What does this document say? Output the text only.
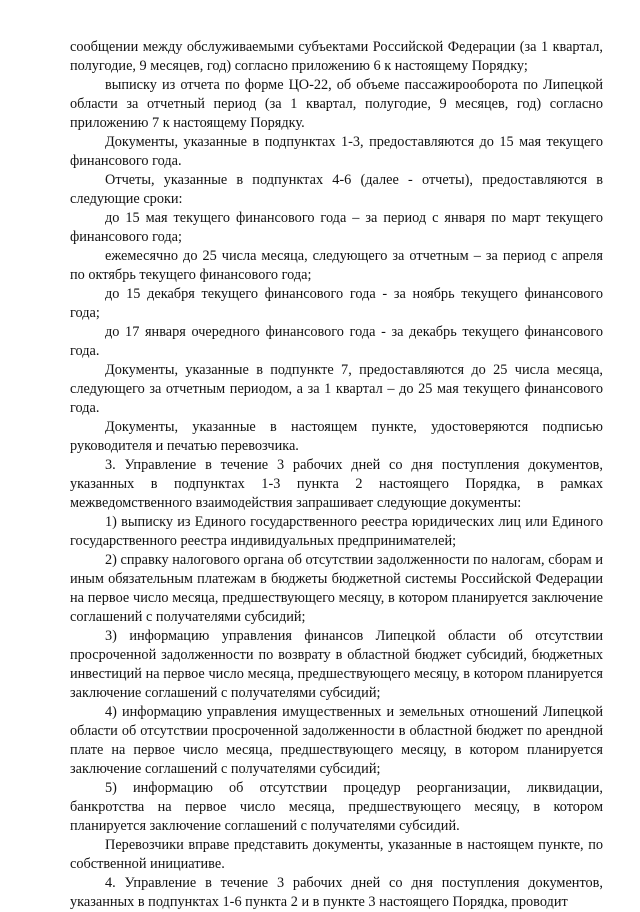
сообщении между обслуживаемыми субъектами Российской Федерации (за 1 квартал, полугодие, 9 месяцев, год) согласно приложению 6 к настоящему Порядку;

выписку из отчета по форме ЦО-22, об объеме пассажирооборота по Липецкой области за отчетный период (за 1 квартал, полугодие, 9 месяцев, год) согласно приложению 7 к настоящему Порядку.

Документы, указанные в подпунктах 1-3, предоставляются до 15 мая текущего финансового года.

Отчеты, указанные в подпунктах 4-6 (далее - отчеты), предоставляются в следующие сроки:

до 15 мая текущего финансового года – за период с января по март текущего финансового года;

ежемесячно до 25 числа месяца, следующего за отчетным – за период с апреля по октябрь текущего финансового года;

до 15 декабря текущего финансового года - за ноябрь текущего финансового года;

до 17 января очередного финансового года - за декабрь текущего финансового года.

Документы, указанные в подпункте 7, предоставляются до 25 числа месяца, следующего за отчетным периодом, а за 1 квартал – до 25 мая текущего финансового года.

Документы, указанные в настоящем пункте, удостоверяются подписью руководителя и печатью перевозчика.

3. Управление в течение 3 рабочих дней со дня поступления документов, указанных в подпунктах 1-3 пункта 2 настоящего Порядка, в рамках межведомственного взаимодействия запрашивает следующие документы:

1) выписку из Единого государственного реестра юридических лиц или Единого государственного реестра индивидуальных предпринимателей;

2) справку налогового органа об отсутствии задолженности по налогам, сборам и иным обязательным платежам в бюджеты бюджетной системы Российской Федерации на первое число месяца, предшествующего месяцу, в котором планируется заключение соглашений с получателями субсидий;

3) информацию управления финансов Липецкой области об отсутствии просроченной задолженности по возврату в областной бюджет субсидий, бюджетных инвестиций на первое число месяца, предшествующего месяцу, в котором планируется заключение соглашений с получателями субсидий;

4) информацию управления имущественных и земельных отношений Липецкой области об отсутствии просроченной задолженности в областной бюджет по арендной плате на первое число месяца, предшествующего месяцу, в котором планируется заключение соглашений с получателями субсидий;

5) информацию об отсутствии процедур реорганизации, ликвидации, банкротства на первое число месяца, предшествующего месяцу, в котором планируется заключение соглашений с получателями субсидий.

Перевозчики вправе представить документы, указанные в настоящем пункте, по собственной инициативе.

4. Управление в течение 3 рабочих дней со дня поступления документов, указанных в подпунктах 1-6 пункта 2 и в пункте 3 настоящего Порядка, проводит
